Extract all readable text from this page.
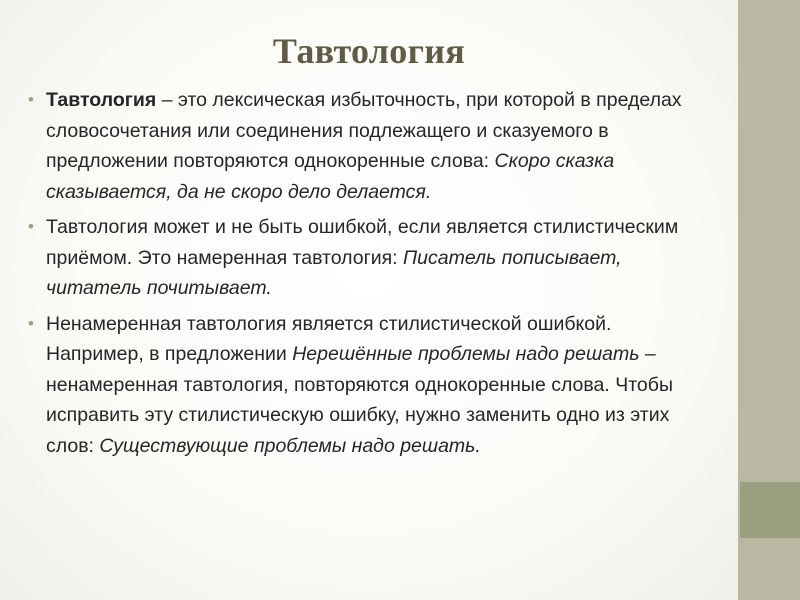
Тавтология
• Тавтология – это лексическая избыточность, при которой в пределах словосочетания или соединения подлежащего и сказуемого в предложении повторяются однокоренные слова: Скоро сказка сказывается, да не скоро дело делается.
• Тавтология может и не быть ошибкой, если является стилистическим приёмом. Это намеренная тавтология: Писатель пописывает, читатель почитывает.
• Ненамеренная тавтология является стилистической ошибкой. Например, в предложении Нерешённые проблемы надо решать – ненамеренная тавтология, повторяются однокоренные слова. Чтобы исправить эту стилистическую ошибку, нужно заменить одно из этих слов: Существующие проблемы надо решать.
